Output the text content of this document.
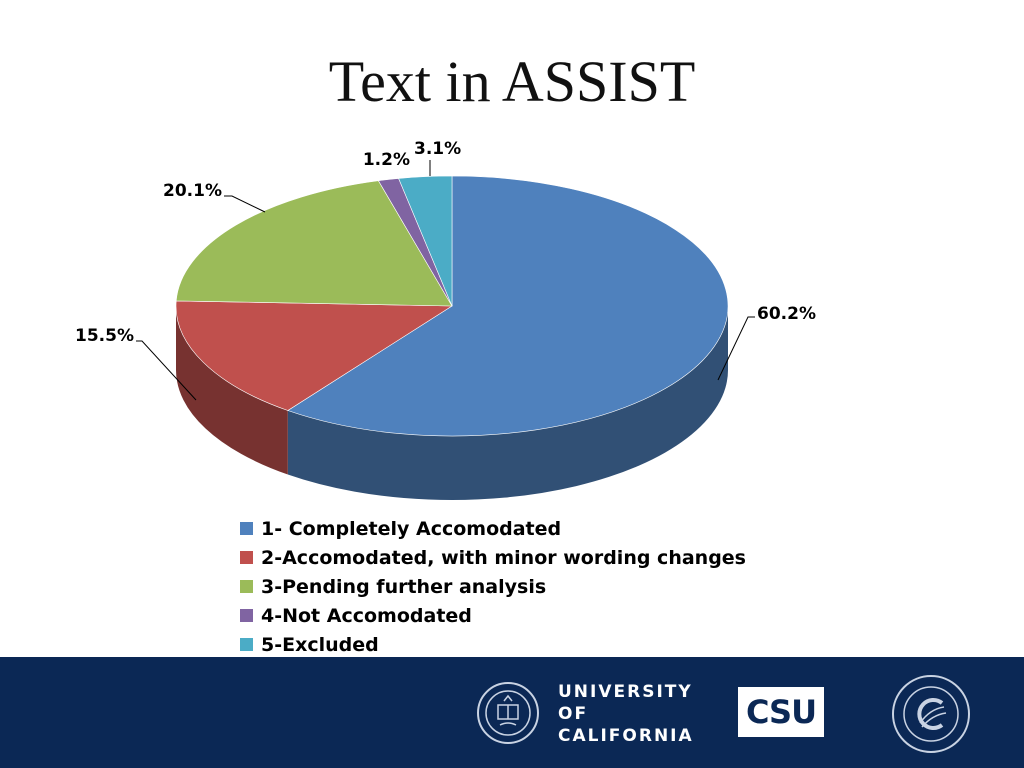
Text in ASSIST
60.2%
15.5%
20.1%
1.2%
3.1%
1- Completely Accomodated
2-Accomodated, with minor wording changes
3-Pending further analysis
4-Not Accomodated
5-Excluded
UNIVERSITY
OF
CALIFORNIA
CSU
